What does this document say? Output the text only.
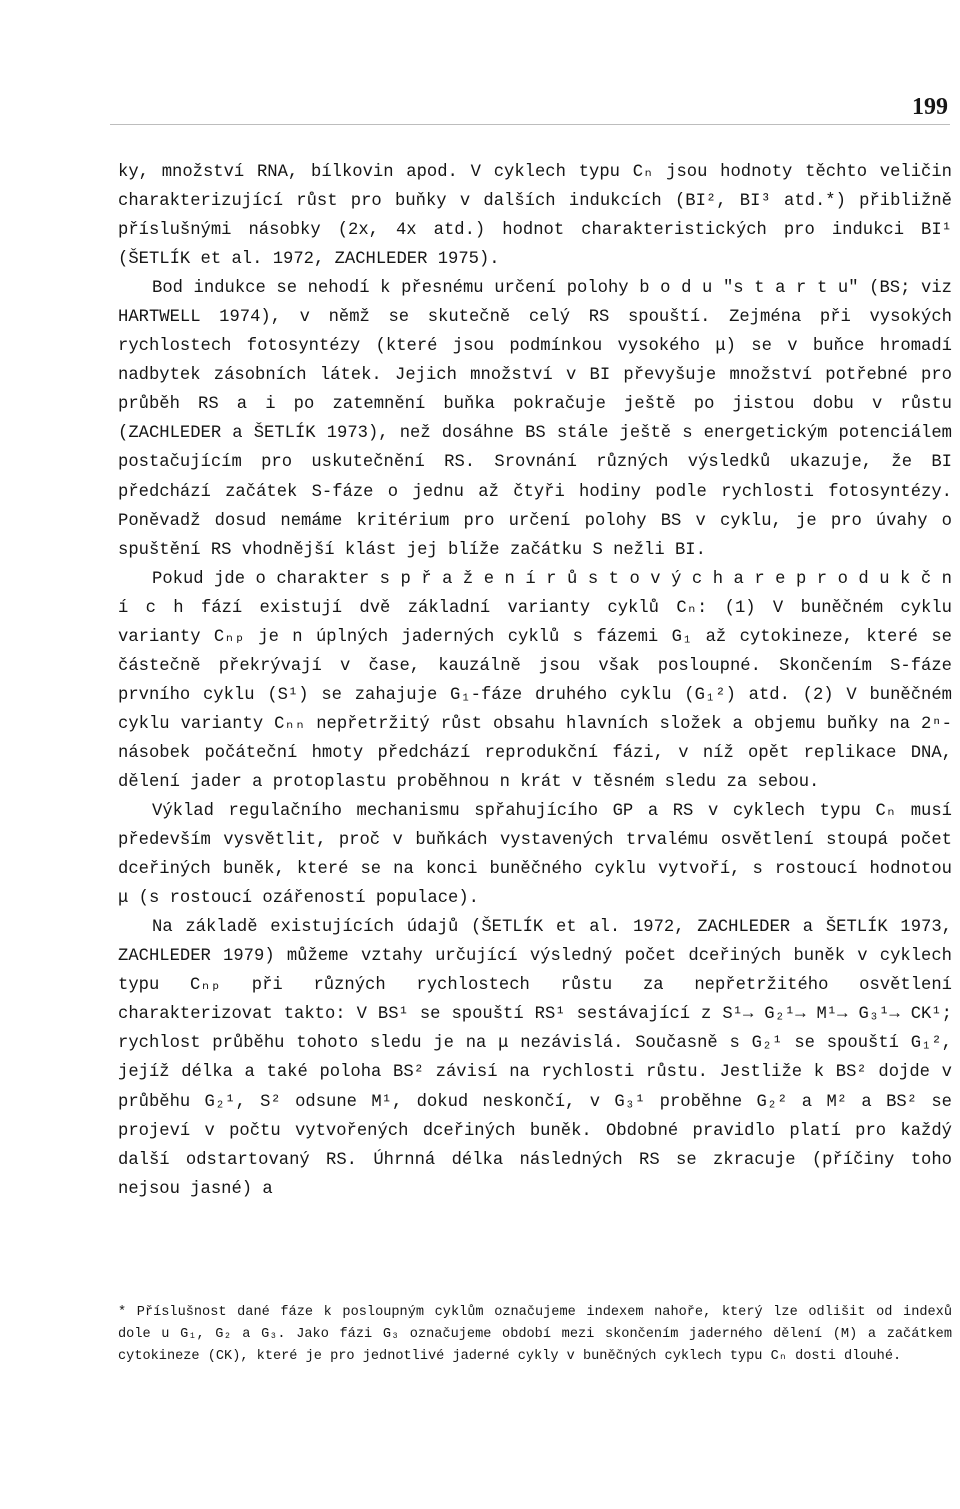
199

ky, množství RNA, bílkovin apod. V cyklech typu Cₙ jsou hodnoty těchto veličin charakterizující růst pro buňky v dalších indukcích (BI², BI³ atd.*) přibližně příslušnými násobky (2x, 4x atd.) hodnot charakteristických pro indukci BI¹ (ŠETLÍK et al. 1972, ZACHLEDER 1975).

Bod indukce se nehodí k přesnému určení polohy b o d u "s t a r t u" (BS; viz HARTWELL 1974), v němž se skutečně celý RS spouští. Zejména při vysokých rychlostech fotosyntézy (které jsou podmínkou vysokého μ) se v buňce hromadí nadbytek zásobních látek. Jejich množství v BI převyšuje množství potřebné pro průběh RS a i po zatemnění buňka pokračuje ještě po jistou dobu v růstu (ZACHLEDER a ŠETLÍK 1973), než dosáhne BS stále ještě s energetickým potenciálem postačujícím pro uskutečnění RS. Srovnání různých výsledků ukazuje, že BI předchází začátek S-fáze o jednu až čtyři hodiny podle rychlosti fotosyntézy. Poněvadž dosud nemáme kritérium pro určení polohy BS v cyklu, je pro úvahy o spuštění RS vhodnější klást jej blíže začátku S nežli BI.

Pokud jde o charakter s p ř a ž e n í r ů s t o v ý c h a r e p r o d u k č n í c h fází existují dvě základní varianty cyklů Cₙ: (1) V buněčném cyklu varianty Cₙₚ je n úplných jaderných cyklů s fázemi G₁ až cytokineze, které se částečně překrývají v čase, kauzálně jsou však posloupné. Skončením S-fáze prvního cyklu (S¹) se zahajuje G₁-fáze druhého cyklu (G₁²) atd. (2) V buněčném cyklu varianty Cₙₙ nepřetržitý růst obsahu hlavních složek a objemu buňky na 2ⁿ-násobek počáteční hmoty předchází reprodukční fázi, v níž opět replikace DNA, dělení jader a protoplastu proběhnou n krát v těsném sledu za sebou.

Výklad regulačního mechanismu spřahujícího GP a RS v cyklech typu Cₙ musí především vysvětlit, proč v buňkách vystavených trvalému osvětlení stoupá počet dceřiných buněk, které se na konci buněčného cyklu vytvoří, s rostoucí hodnotou μ (s rostoucí ozářeností populace).

Na základě existujících údajů (ŠETLÍK et al. 1972, ZACHLEDER a ŠETLÍK 1973, ZACHLEDER 1979) můžeme vztahy určující výsledný počet dceřiných buněk v cyklech typu Cₙₚ při různých rychlostech růstu za nepřetržitého osvětlení charakterizovat takto: V BS¹ se spouští RS¹ sestávající z S¹→ G₂¹→ M¹→ G₃¹→ CK¹; rychlost průběhu tohoto sledu je na μ nezávislá. Současně s G₂¹ se spouští G₁², jejíž délka a také poloha BS² závisí na rychlosti růstu. Jestliže k BS² dojde v průběhu G₂¹, S² odsune M¹, dokud neskončí, v G₃¹ proběhne G₂² a M² a BS² se projeví v počtu vytvořených dceřiných buněk. Obdobné pravidlo platí pro každý další odstartovaný RS. Úhrnná délka následných RS se zkracuje (příčiny toho nejsou jasné) a

* Příslušnost dané fáze k posloupným cyklům označujeme indexem nahoře, který lze odlišit od indexů dole u G₁, G₂ a G₃. Jako fázi G₃ označujeme období mezi skončením jaderného dělení (M) a začátkem cytokineze (CK), které je pro jednotlivé jaderné cykly v buněčných cyklech typu Cₙ dosti dlouhé.
